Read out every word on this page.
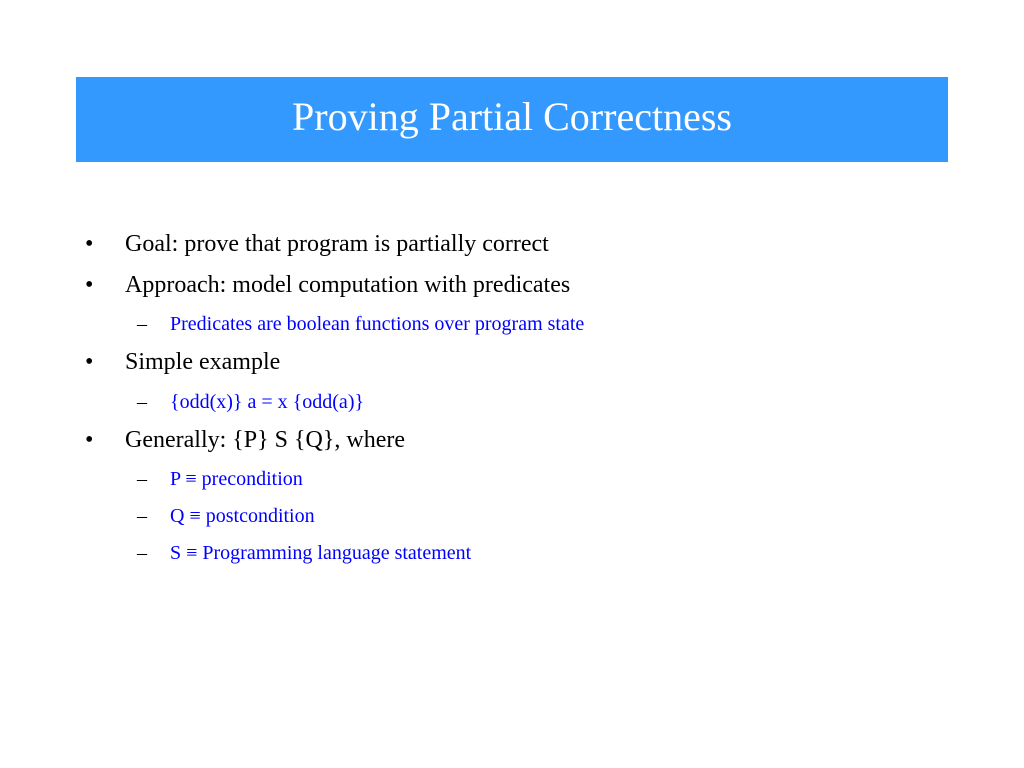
Proving Partial Correctness
• Goal: prove that program is partially correct
• Approach: model computation with predicates
– Predicates are boolean functions over program state
• Simple example
– {odd(x)} a = x {odd(a)}
• Generally: {P} S {Q}, where
– P ≡ precondition
– Q ≡ postcondition
– S ≡ Programming language statement
